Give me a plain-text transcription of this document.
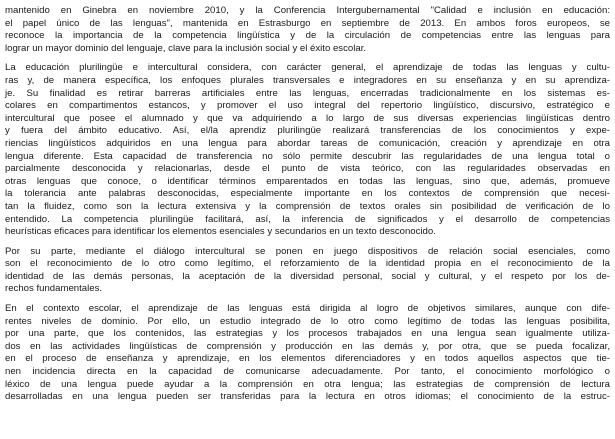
mantenido en Ginebra en noviembre 2010, y la Conferencia Intergubernamental "Calidad e inclusión en educación:
el papel único de las lenguas", mantenida en Estrasburgo en septiembre de 2013. En ambos foros europeos, se
reconoce la importancia de la competencia lingüística y de la circulación de competencias entre las lenguas para
lograr un mayor dominio del lenguaje, clave para la inclusión social y el éxito escolar.
La educación plurilingüe e intercultural considera, con carácter general, el aprendizaje de todas las lenguas y cultu-
ras y, de manera específica, los enfoques plurales transversales e integradores en su enseñanza y en su aprendiza-
je. Su finalidad es retirar barreras artificiales entre las lenguas, encerradas tradicionalmente en los sistemas es-
colares en compartimentos estancos, y promover el uso integral del repertorio lingüístico, discursivo, estratégico e
intercultural que posee el alumnado y que va adquiriendo a lo largo de sus diversas experiencias lingüísticas dentro
y fuera del ámbito educativo. Así, el/la aprendiz plurilingüe realizará transferencias de los conocimientos y expe-
riencias lingüísticos adquiridos en una lengua para abordar tareas de comunicación, creación y aprendizaje en otra
lengua diferente. Esta capacidad de transferencia no sólo permite descubrir las regularidades de una lengua total o
parcialmente desconocida y relacionarlas, desde el punto de vista teórico, con las regularidades observadas en
otras lenguas que conoce, o identificar términos emparentados en todas las lenguas, sino que, además, promueve
la tolerancia ante palabras desconocidas, especialmente importante en los contextos de comprensión que necesi-
tan la fluidez, como son la lectura extensiva y la comprensión de textos orales sin posibilidad de verificación de lo
entendido. La competencia plurilingüe facilitará, así, la inferencia de significados y el desarrollo de competencias
heurísticas eficaces para identificar los elementos esenciales y secundarios en un texto desconocido.
Por su parte, mediante el diálogo intercultural se ponen en juego dispositivos de relación social esenciales, como
son el reconocimiento de lo otro como legítimo, el reforzamiento de la identidad propia en el reconocimiento de la
identidad de las demás personas, la aceptación de la diversidad personal, social y cultural, y el respeto por los de-
rechos fundamentales.
En el contexto escolar, el aprendizaje de las lenguas está dirigida al logro de objetivos similares, aunque con dife-
rentes niveles de dominio. Por ello, un estudio integrado de lo otro como legítimo de todas las lenguas posibilita,
por una parte, que los contenidos, las estrategias y los procesos trabajados en una lengua sean igualmente utiliza-
dos en las actividades lingüísticas de comprensión y producción en las demás y, por otra, que se pueda focalizar,
en el proceso de enseñanza y aprendizaje, en los elementos diferenciadores y en todos aquellos aspectos que tie-
nen incidencia directa en la capacidad de comunicarse adecuadamente. Por tanto, el conocimiento morfológico o
léxico de una lengua puede ayudar a la comprensión en otra lengua; las estrategias de comprensión de lectura
desarrolladas en una lengua pueden ser transferidas para la lectura en otros idiomas; el conocimiento de la estruc-
